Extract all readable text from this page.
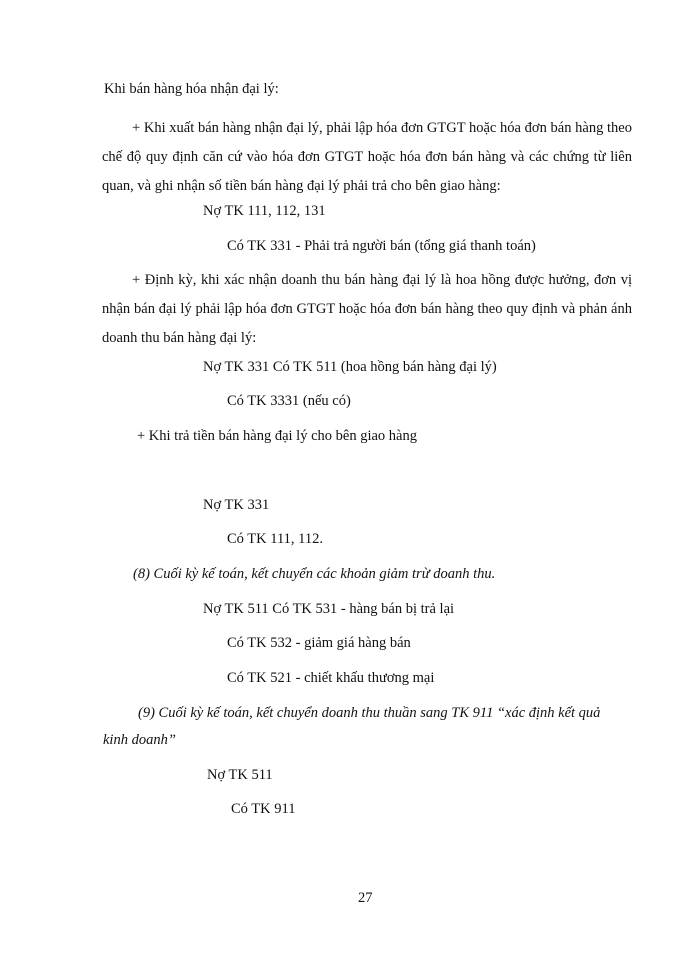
Khi bán hàng hóa nhận đại lý:
+ Khi xuất bán hàng nhận đại lý, phải lập hóa đơn GTGT hoặc hóa đơn bán hàng theo chế độ quy định căn cứ vào hóa đơn GTGT hoặc hóa đơn bán hàng và các chứng từ liên quan, và ghi nhận số tiền bán hàng đại lý phải trả cho bên giao hàng:
Nợ TK 111, 112, 131
Có TK 331 - Phải trả người bán (tổng giá thanh toán)
+ Định kỳ, khi xác nhận doanh thu bán hàng đại lý là hoa hồng được hưởng, đơn vị nhận bán đại lý phải lập hóa đơn GTGT hoặc hóa đơn bán hàng theo quy định và phản ánh doanh thu bán hàng đại lý:
Nợ TK 331 Có TK 511 (hoa hồng bán hàng đại lý)
Có TK 3331 (nếu có)
+ Khi trả tiền bán hàng đại lý cho bên giao hàng
Nợ TK 331
Có TK 111, 112.
(8) Cuối kỳ kế toán, kết chuyển các khoản giảm trừ doanh thu.
Nợ TK 511 Có TK 531 - hàng bán bị trả lại
Có TK 532 - giảm giá hàng bán
Có TK 521 - chiết khấu thương mại
(9) Cuối kỳ kế toán, kết chuyển doanh thu thuần sang TK 911 “xác định kết quả
kinh doanh”
Nợ TK 511
Có TK 911
27
